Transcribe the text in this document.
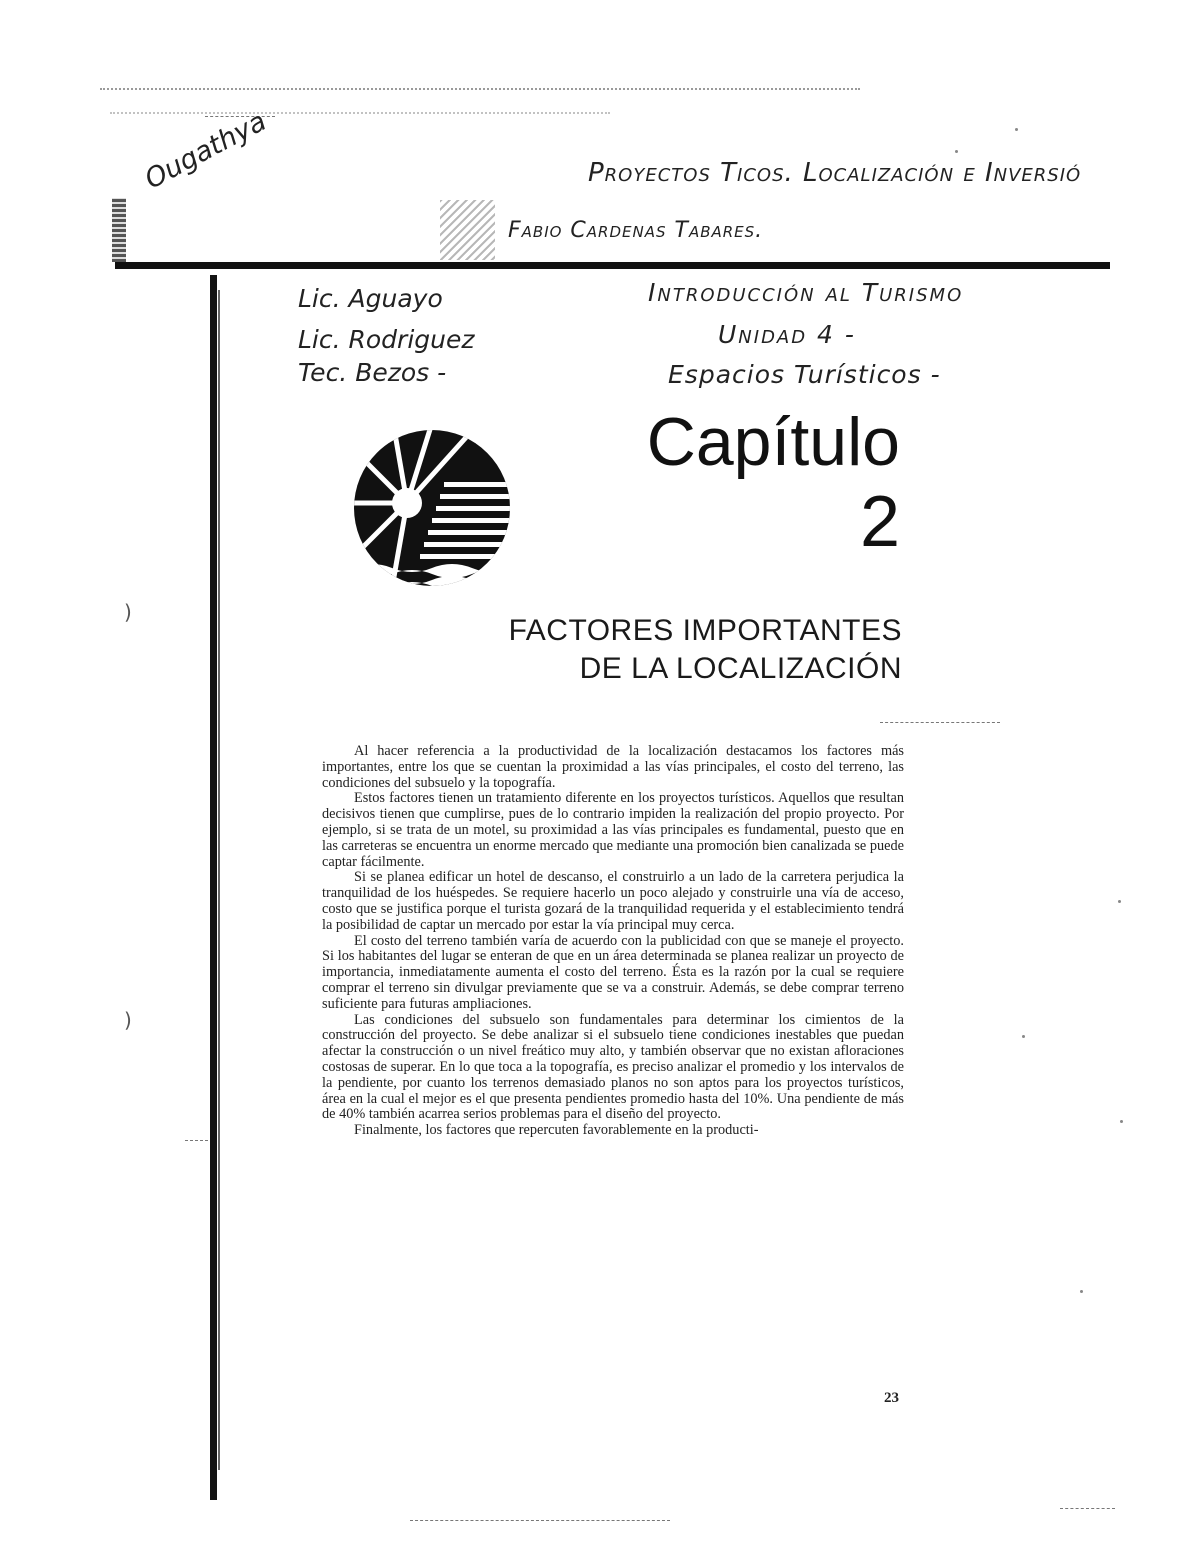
)
)

Ougathya	Proyectos Ticos. Localización e Inversió

Fabio Cardenas Tabares.

Lic. Aguayo

Lic. Rodriguez

Tec. Bezos -

Introducción al Turismo

Unidad 4 -

Espacios Turísticos -

Capítulo
2
FACTORES IMPORTANTES
DE LA LOCALIZACIÓN

Al hacer referencia a la productividad de la localización destacamos los factores más importantes, entre los que se cuentan la proximidad a las vías principales, el costo del terreno, las condiciones del subsuelo y la topografía.

Estos factores tienen un tratamiento diferente en los proyectos turísticos. Aquellos que resultan decisivos tienen que cumplirse, pues de lo contrario impiden la realización del propio proyecto. Por ejemplo, si se trata de un motel, su proximidad a las vías principales es fundamental, puesto que en las carreteras se encuentra un enorme mercado que mediante una promoción bien canalizada se puede captar fácilmente.

Si se planea edificar un hotel de descanso, el construirlo a un lado de la carretera perjudica la tranquilidad de los huéspedes. Se requiere hacerlo un poco alejado y construirle una vía de acceso, costo que se justifica porque el turista gozará de la tranquilidad requerida y el establecimiento tendrá la posibilidad de captar un mercado por estar la vía principal muy cerca.

El costo del terreno también varía de acuerdo con la publicidad con que se maneje el proyecto. Si los habitantes del lugar se enteran de que en un área determinada se planea realizar un proyecto de importancia, inmediatamente aumenta el costo del terreno. Ésta es la razón por la cual se requiere comprar el terreno sin divulgar previamente que se va a construir. Además, se debe comprar terreno suficiente para futuras ampliaciones.

Las condiciones del subsuelo son fundamentales para determinar los cimientos de la construcción del proyecto. Se debe analizar si el subsuelo tiene condiciones inestables que puedan afectar la construcción o un nivel freático muy alto, y también observar que no existan afloraciones costosas de superar. En lo que toca a la topografía, es preciso analizar el promedio y los intervalos de la pendiente, por cuanto los terrenos demasiado planos no son aptos para los proyectos turísticos, área en la cual el mejor es el que presenta pendientes promedio hasta del 10%. Una pendiente de más de 40% también acarrea serios problemas para el diseño del proyecto.

Finalmente, los factores que repercuten favorablemente en la producti-

23
